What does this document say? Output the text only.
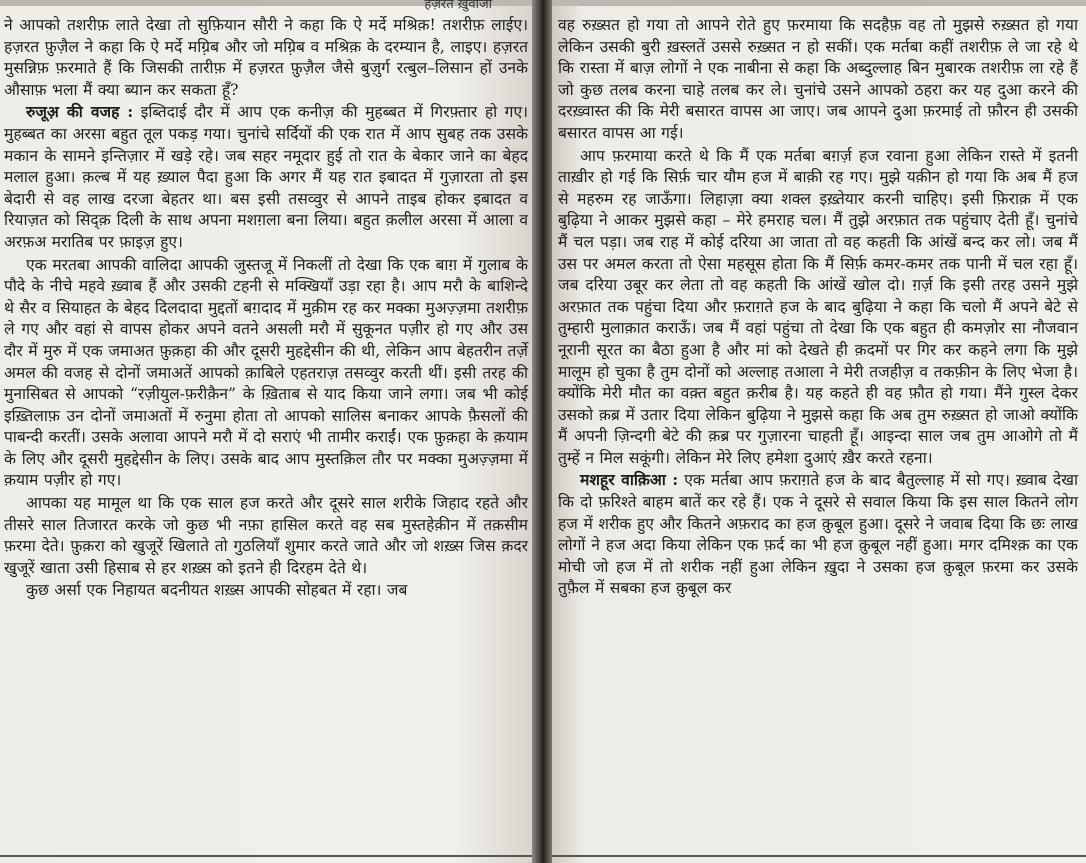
हज़रत ख़ुवाजा

ने आपको तशरीफ़ लाते देखा तो सुफ़ियान सौरी ने कहा कि ऐ मर्दे मश्रिक़! तशरीफ़ लाईए। हज़रत फ़ुज़ैल ने कहा कि ऐ मर्दे मग़्रिब और जो मग़्रिब व मश्रिक़ के दरम्यान है, लाइए। हज़रत मुसन्निफ़ फ़रमाते हैं कि जिसकी तारीफ़ में हज़रत फ़ुज़ैल जैसे बुज़ुर्ग रत्बुल–लिसान हों उनके औसाफ़ भला मैं क्या ब्यान कर सकता हूँ?

रुजूअ़ की वजह : इब्तिदाई दौर में आप एक कनीज़ की मुहब्बत में गिरफ़्तार हो गए। मुहब्बत का अरसा बहुत तूल पकड़ गया। चुनांचे सर्दियों की एक रात में आप सुबह तक उसके मकान के सामने इन्तिज़ार में खड़े रहे। जब सहर नमूदार हुई तो रात के बेकार जाने का बेहद मलाल हुआ। क़ल्ब में यह ख़्याल पैदा हुआ कि अगर मैं यह रात इबादत में गुज़ारता तो इस बेदारी से वह लाख दरजा बेहतर था। बस इसी तसव्वुर से आपने ताइब होकर इबादत व रियाज़त को सिद्क़ दिली के साथ अपना मशग़ला बना लिया। बहुत क़लील अरसा में आला व अरफ़अ मरातिब पर फ़ाइज़ हुए।

एक मरतबा आपकी वालिदा आपकी जुस्तजू में निकलीं तो देखा कि एक बाग़ में गुलाब के पौदे के नीचे महवे ख़्वाब हैं और उसकी टहनी से मक्खियाँ उड़ा रहा है। आप मरौ के बाशिन्दे थे सैर व सियाहत के बेहद दिलदादा मुद्दतों बग़दाद में मुक़ीम रह कर मक्का मुअज़्ज़मा तशरीफ़ ले गए और वहां से वापस होकर अपने वतने असली मरौ में सुकूनत पज़ीर हो गए और उस दौर में मुरु में एक जमाअत फ़ुक़हा की और दूसरी मुहद्देसीन की थी, लेकिन आप बेहतरीन तर्ज़े अमल की वजह से दोनों जमाअतें आपको क़ाबिले एहतराज़ तसव्वुर करती थीं। इसी तरह की मुनासिबत से आपको “रज़ीयुल-फ़रीक़ैन” के ख़िताब से याद किया जाने लगा। जब भी कोई इख़्तिलाफ़ उन दोनों जमाअतों में रुनुमा होता तो आपको सालिस बनाकर आपके फ़ैसलों की पाबन्दी करतीं। उसके अलावा आपने मरौ में दो सराएं भी तामीर कराईं। एक फ़ुक़हा के क़याम के लिए और दूसरी मुहद्देसीन के लिए। उसके बाद आप मुस्तक़िल तौर पर मक्का मुअज़्ज़मा में क़याम पज़ीर हो गए।

आपका यह मामूल था कि एक साल हज करते और दूसरे साल शरीके जिहाद रहते और तीसरे साल तिजारत करके जो कुछ भी नफ़ा हासिल करते वह सब मुस्तहेक़ीन में तक़सीम फ़रमा देते। फ़ुक़रा को खुजूरें खिलाते तो गुठलियाँ शुमार करते जाते और जो शख़्स जिस क़दर खुजूरें खाता उसी हिसाब से हर शख़्स को इतने ही दिरहम देते थे।

कुछ अर्सा एक निहायत बदनीयत शख़्स आपकी सोहबत में रहा। जब

वह रुख़्सत हो गया तो आपने रोते हुए फ़रमाया कि सदहैफ़ वह तो मुझसे रुख़्सत हो गया लेकिन उसकी बुरी ख़स्लतें उससे रुख़्सत न हो सकीं। एक मर्तबा कहीं तशरीफ़ ले जा रहे थे कि रास्ता में बाज़ लोगों ने एक नाबीना से कहा कि अब्दुल्लाह बिन मुबारक तशरीफ़ ला रहे हैं जो कुछ तलब करना चाहे तलब कर ले। चुनांचे उसने आपको ठहरा कर यह दुआ करने की दरख़्वास्त की कि मेरी बसारत वापस आ जाए। जब आपने दुआ फ़रमाई तो फ़ौरन ही उसकी बसारत वापस आ गई।

आप फ़रमाया करते थे कि मैं एक मर्तबा बग़र्ज़ हज रवाना हुआ लेकिन रास्ते में इतनी ताख़ीर हो गई कि सिर्फ़ चार यौम हज में बाक़ी रह गए। मुझे यक़ीन हो गया कि अब मैं हज से महरुम रह जाऊँगा। लिहाज़ा क्या शक्ल इख़्तेयार करनी चाहिए। इसी फ़िराक़ में एक बुढ़िया ने आकर मुझसे कहा – मेरे हमराह चल। मैं तुझे अरफ़ात तक पहुंचाए देती हूँ। चुनांचे मैं चल पड़ा। जब राह में कोई दरिया आ जाता तो वह कहती कि आंखें बन्द कर लो। जब मैं उस पर अमल करता तो ऐसा महसूस होता कि मैं सिर्फ़ कमर-कमर तक पानी में चल रहा हूँ। जब दरिया उबूर कर लेता तो वह कहती कि आंखें खोल दो। ग़र्ज़ कि इसी तरह उसने मुझे अरफ़ात तक पहुंचा दिया और फ़राग़ते हज के बाद बुढ़िया ने कहा कि चलो मैं अपने बेटे से तुम्हारी मुलाक़ात कराऊँ। जब मैं वहां पहुंचा तो देखा कि एक बहुत ही कमज़ोर सा नौजवान नूरानी सूरत का बैठा हुआ है और मां को देखते ही क़दमों पर गिर कर कहने लगा कि मुझे मालूम हो चुका है तुम दोनों को अल्लाह तआला ने मेरी तजहीज़ व तकफ़ीन के लिए भेजा है। क्योंकि मेरी मौत का वक़्त बहुत क़रीब है। यह कहते ही वह फ़ौत हो गया। मैंने गुस्ल देकर उसको क़ब्र में उतार दिया लेकिन बुढ़िया ने मुझसे कहा कि अब तुम रुख़्सत हो जाओ क्योंकि मैं अपनी ज़िन्दगी बेटे की क़ब्र पर गुज़ारना चाहती हूँ। आइन्दा साल जब तुम आओगे तो मैं तुम्हें न मिल सकूंगी। लेकिन मेरे लिए हमेशा दुआएं ख़ैर करते रहना।

मशहूर वाक़िआ : एक मर्तबा आप फ़राग़ते हज के बाद बैतुल्लाह में सो गए। ख़्वाब देखा कि दो फ़रिश्ते बाहम बातें कर रहे हैं। एक ने दूसरे से सवाल किया कि इस साल कितने लोग हज में शरीक हुए और कितने अफ़राद का हज क़ुबूल हुआ। दूसरे ने जवाब दिया कि छः लाख लोगों ने हज अदा किया लेकिन एक फ़र्द का भी हज क़ुबूल नहीं हुआ। मगर दमिश्क़ का एक मोची जो हज में तो शरीक नहीं हुआ लेकिन ख़ुदा ने उसका हज क़ुबूल फ़रमा कर उसके तुफ़ैल में सबका हज क़ुबूल कर
